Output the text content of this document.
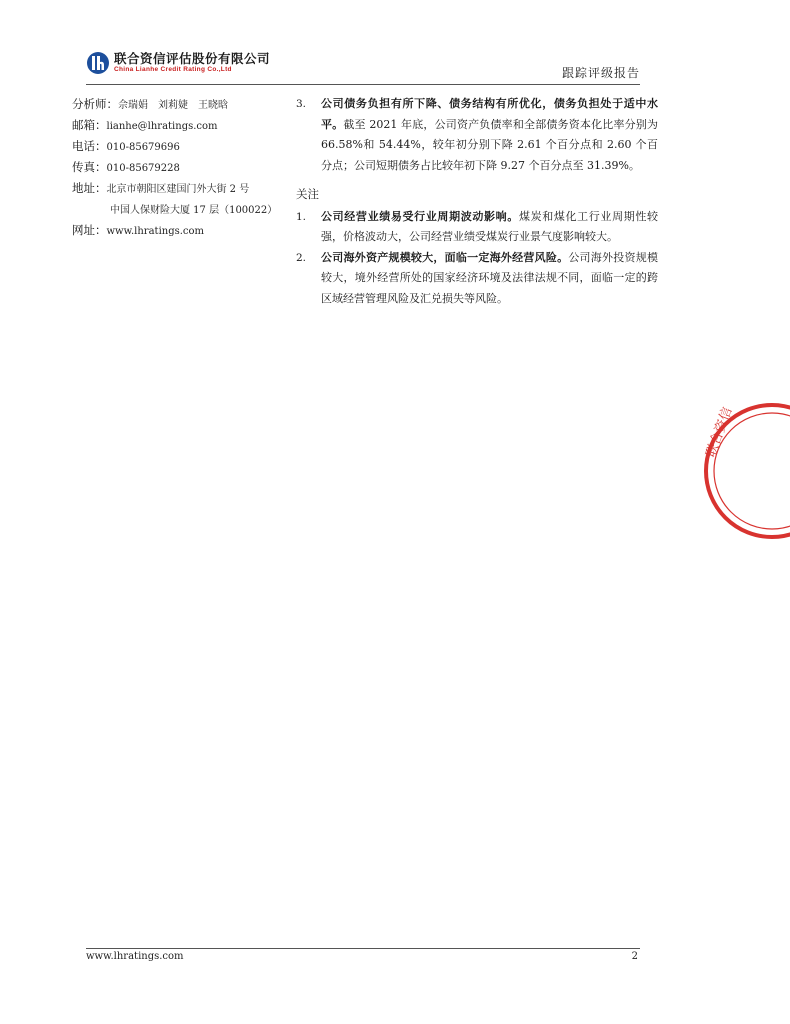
联合资信评估股份有限公司
China Lianhe Credit Rating Co.,Ltd	跟踪评级报告
分析师： 佘瑞娟　刘莉婕　王晓晗
邮箱： lianhe@lhratings.com
电话： 010-85679696
传真： 010-85679228
地址： 北京市朝阳区建国门外大街 2 号
中国人保财险大厦 17 层（100022）
网址： www.lhratings.com
3.	公司债务负担有所下降、债务结构有所优化，债务负担处于适中水平。截至 2021 年底，公司资产负债率和全部债务资本化比率分别为 66.58%和 54.44%，较年初分别下降 2.61 个百分点和 2.60 个百分点；公司短期债务占比较年初下降 9.27 个百分点至 31.39%。
关注
1.	公司经营业绩易受行业周期波动影响。煤炭和煤化工行业周期性较强，价格波动大，公司经营业绩受煤炭行业景气度影响较大。
2.	公司海外资产规模较大，面临一定海外经营风险。公司海外投资规模较大，境外经营所处的国家经济环境及法律法规不同，面临一定的跨区域经营管理风险及汇兑损失等风险。
联合资信
www.lhratings.com	2
